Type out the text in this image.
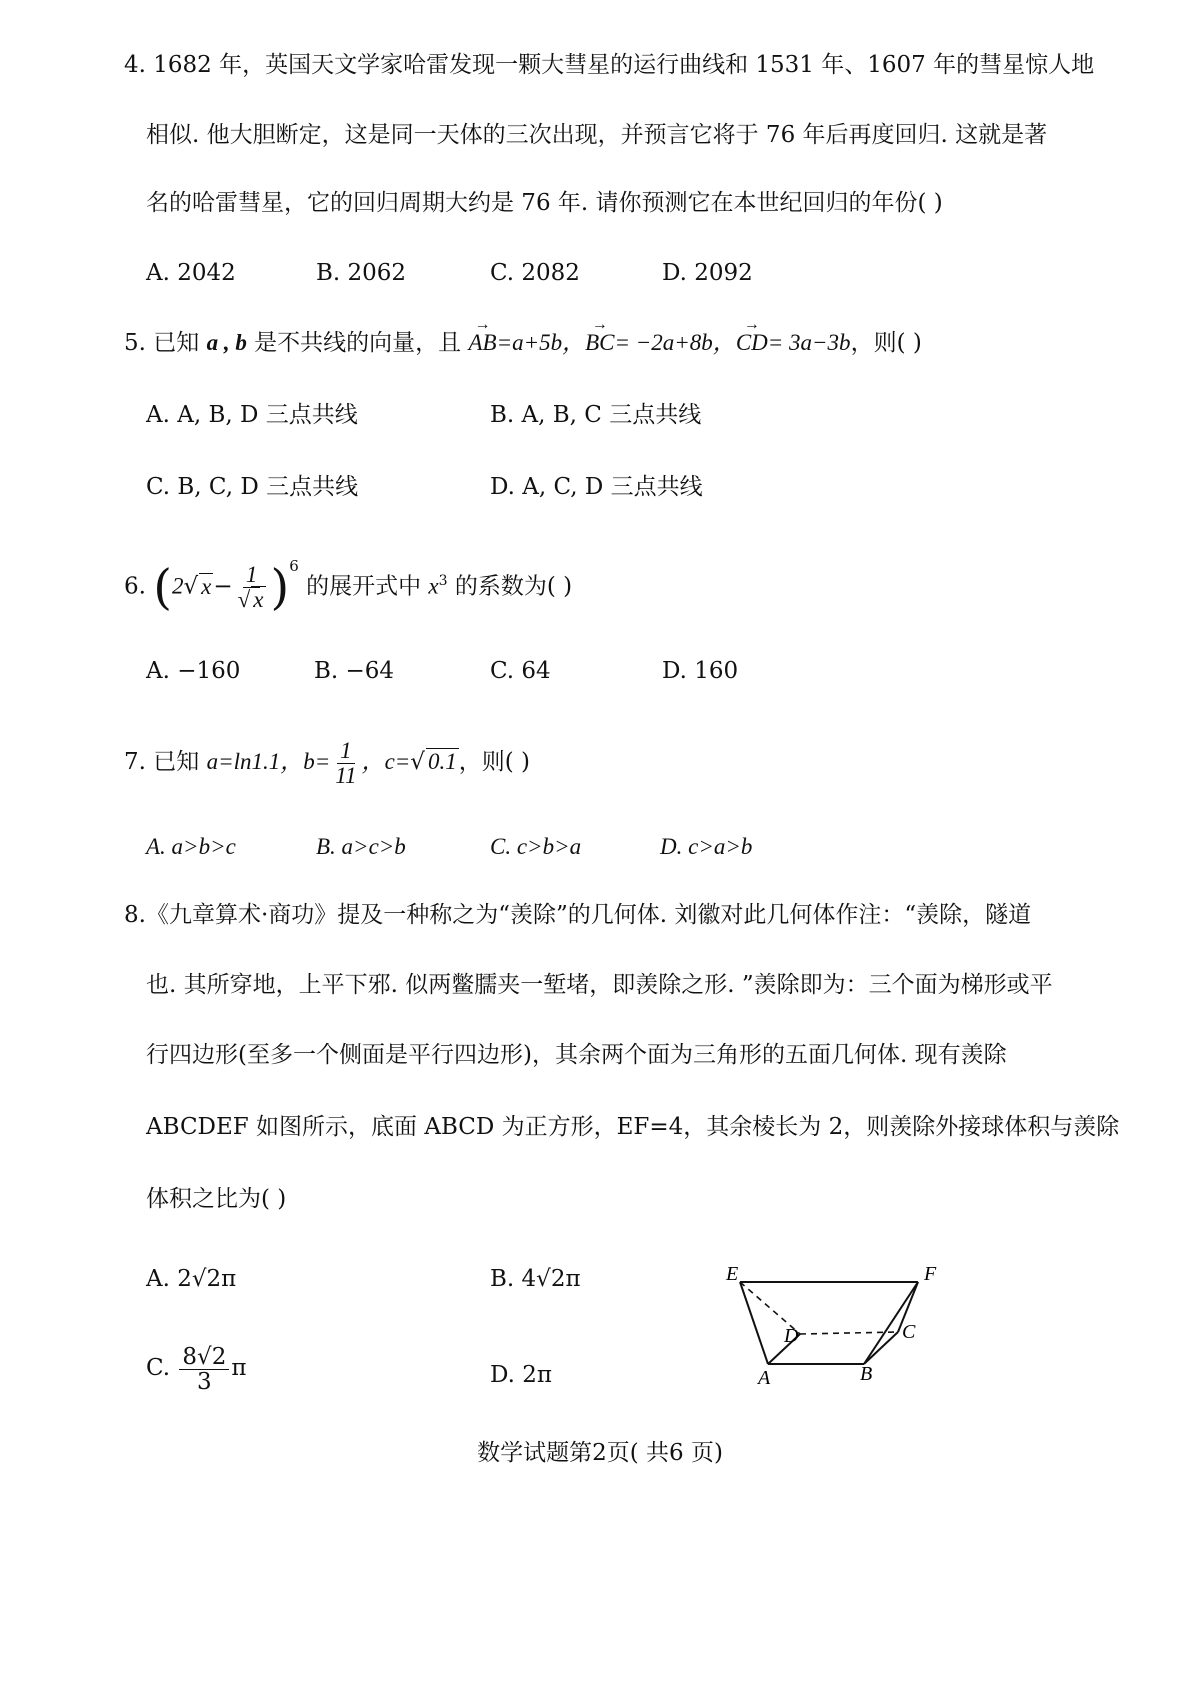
4. 1682 年，英国天文学家哈雷发现一颗大彗星的运行曲线和 1531 年、1607 年的彗星惊人地
相似. 他大胆断定，这是同一天体的三次出现，并预言它将于 76 年后再度回归. 这就是著
名的哈雷彗星，它的回归周期大约是 76 年. 请你预测它在本世纪回归的年份( )
A. 2042	B. 2062	C. 2082	D. 2092
5. 已知 a , b 是不共线的向量，且 → AB=a+5b，→ BC= −2a+8b，→ CD= 3a−3b，则( )
A. A, B, D 三点共线	B. A, B, C 三点共线
C. B, C, D 三点共线	D. A, C, D 三点共线
6. (2√ $x- \frac{1}{√ x} )^6$ 的展开式中 $x^3$ 的系数为( )
A. −160	B. −64	C. 64	D. 160
7. 已知 a=ln1.1，$b= \frac{1}{11}$ ，c=√ 0.1，则( )
A. a>b>c	B. a>c>b	C. c>b>a	D. c>a>b
8.《九章算术·商功》提及一种称之为“羡除”的几何体. 刘徽对此几何体作注：“羡除，隧道
也. 其所穿地，上平下邪. 似两鳖臑夹一堑堵，即羡除之形. ”羡除即为：三个面为梯形或平
行四边形(至多一个侧面是平行四边形)，其余两个面为三角形的五面几何体. 现有羡除
ABCDEF 如图所示，底面 ABCD 为正方形，EF=4，其余棱长为 2，则羡除外接球体积与羡除
体积之比为( )
A. 2√2π	B. 4√2π
C. $\frac{8√2}{3}$ π	D. 2π
E	F
D	C
A	B
数学试题第2页( 共6 页)
